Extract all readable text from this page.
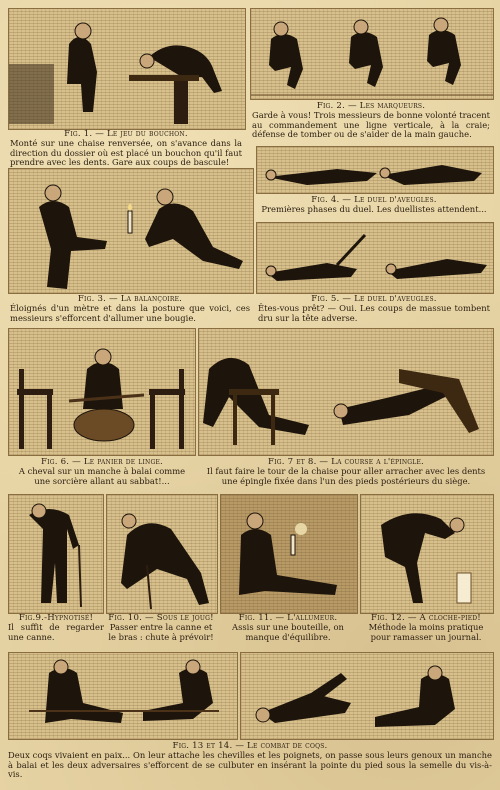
Fig. 1. — Le jeu du bouchon.
Monté sur une chaise renversée, on s'avance dans la direction du dossier où est placé un bouchon qu'il faut prendre avec les dents. Gare aux coups de bascule!
Fig. 2. — Les marqueurs.
Garde à vous! Trois messieurs de bonne volonté tracent au commandement une ligne verticale, à la craie; défense de tomber ou de s'aider de la main gauche.
Fig. 4. — Le duel d'aveugles.
Premières phases du duel. Les duellistes attendent...
Fig. 3. — La balançoire.
Éloignés d'un mètre et dans la posture que voici, ces messieurs s'efforcent d'allumer une bougie.
Fig. 5. — Le duel d'aveugles.
Êtes-vous prêt? — Oui. Les coups de massue tombent dru sur la tête adverse.
Fig. 6. — Le panier de linge.
A cheval sur un manche à balai comme une sorcière allant au sabbat!...
Fig. 7 et 8. — La course a l'épingle.
Il faut faire le tour de la chaise pour aller arracher avec les dents une épingle fixée dans l'un des pieds postérieurs du siège.
Fig.9.-Hypnotisé!
Il suffit de regarder une canne.
Fig. 10. — Sous le joug!
Passer entre la canne et le bras : chute à prévoir!
Fig. 11. — L'allumeur.
Assis sur une bouteille, on manque d'équilibre.
Fig. 12. — A cloche-pied!
Méthode la moins pratique pour ramasser un journal.
Fig. 13 et 14. — Le combat de coqs.
Deux coqs vivaient en paix... On leur attache les chevilles et les poignets, on passe sous leurs genoux un manche à balai et les deux adversaires s'efforcent de se culbuter en insérant la pointe du pied sous la semelle du vis-à-vis.
